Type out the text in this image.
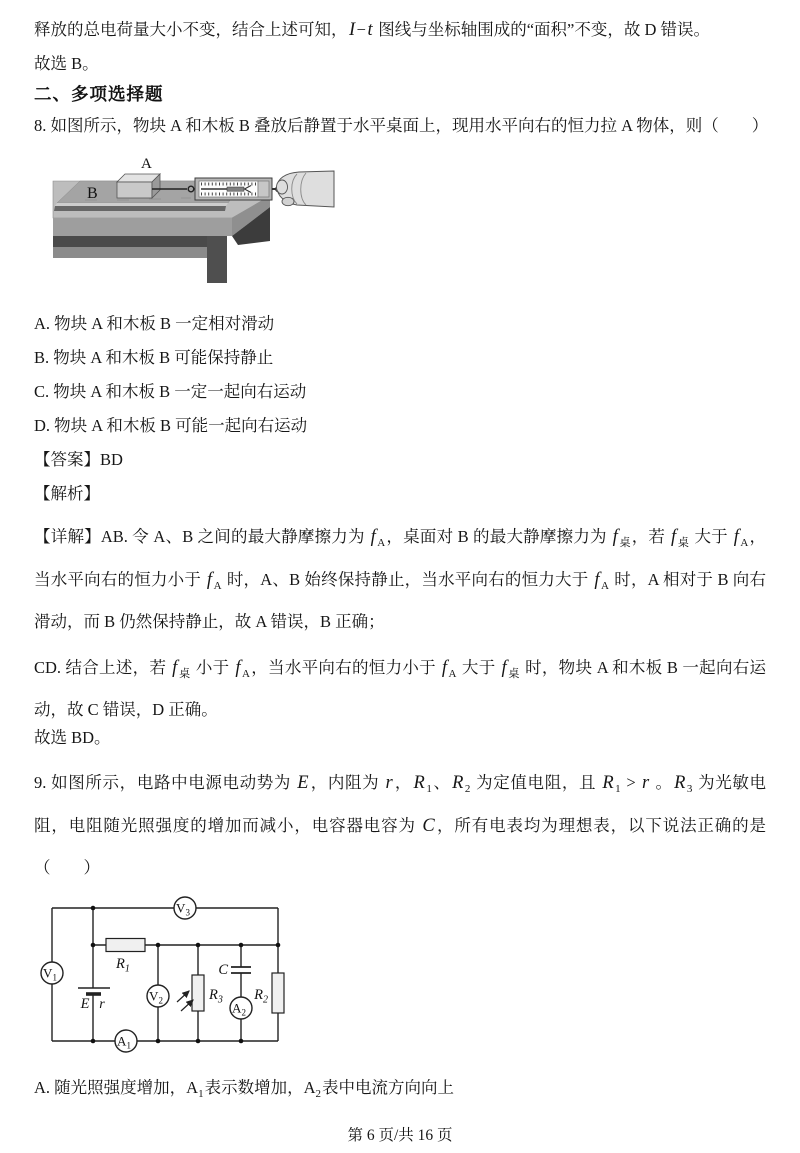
释放的总电荷量大小不变，结合上述可知，I−t 图线与坐标轴围成的“面积”不变，故 D 错误。

故选 B。

二、多项选择题

8. 如图所示，物块 A 和木板 B 叠放后静置于水平桌面上，现用水平向右的恒力拉 A 物体，则（　　）

A
B

A. 物块 A 和木板 B 一定相对滑动

B. 物块 A 和木板 B 可能保持静止

C. 物块 A 和木板 B 一定一起向右运动

D. 物块 A 和木板 B 可能一起向右运动

【答案】BD

【解析】

【详解】AB. 令 A、B 之间的最大静摩擦力为 f $_A$，桌面对 B 的最大静摩擦力为 f $_桌$，若 f $_桌$ 大于 f $_A$，当水平向右的恒力小于 f $_A$ 时，A、B 始终保持静止，当水平向右的恒力大于 f $_A$ 时，A 相对于 B 向右滑动，而 B 仍然保持静止，故 A 错误，B 正确；

CD. 结合上述，若 f $_桌$ 小于 f $_A$，当水平向右的恒力小于 f $_A$ 大于 f $_桌$ 时，物块 A 和木板 B 一起向右运动，故 C 错误，D 正确。

故选 BD。

9. 如图所示，电路中电源电动势为 E，内阻为 r，R $_1$、R $_2$ 为定值电阻，且 R $_1$ > r 。R $_3$ 为光敏电阻，电阻随光照强度的增加而减小，电容器电容为 C，所有电表均为理想表，以下说法正确的是（　　）

E r
$R_1$
$R_3$
C
$R_2$
$V_3$
$V_1$
$V_2$
$A_1$
$A_2$

A. 随光照强度增加，$A_1$表示数增加，$A_2$表中电流方向向上

第 6 页/共 16 页
